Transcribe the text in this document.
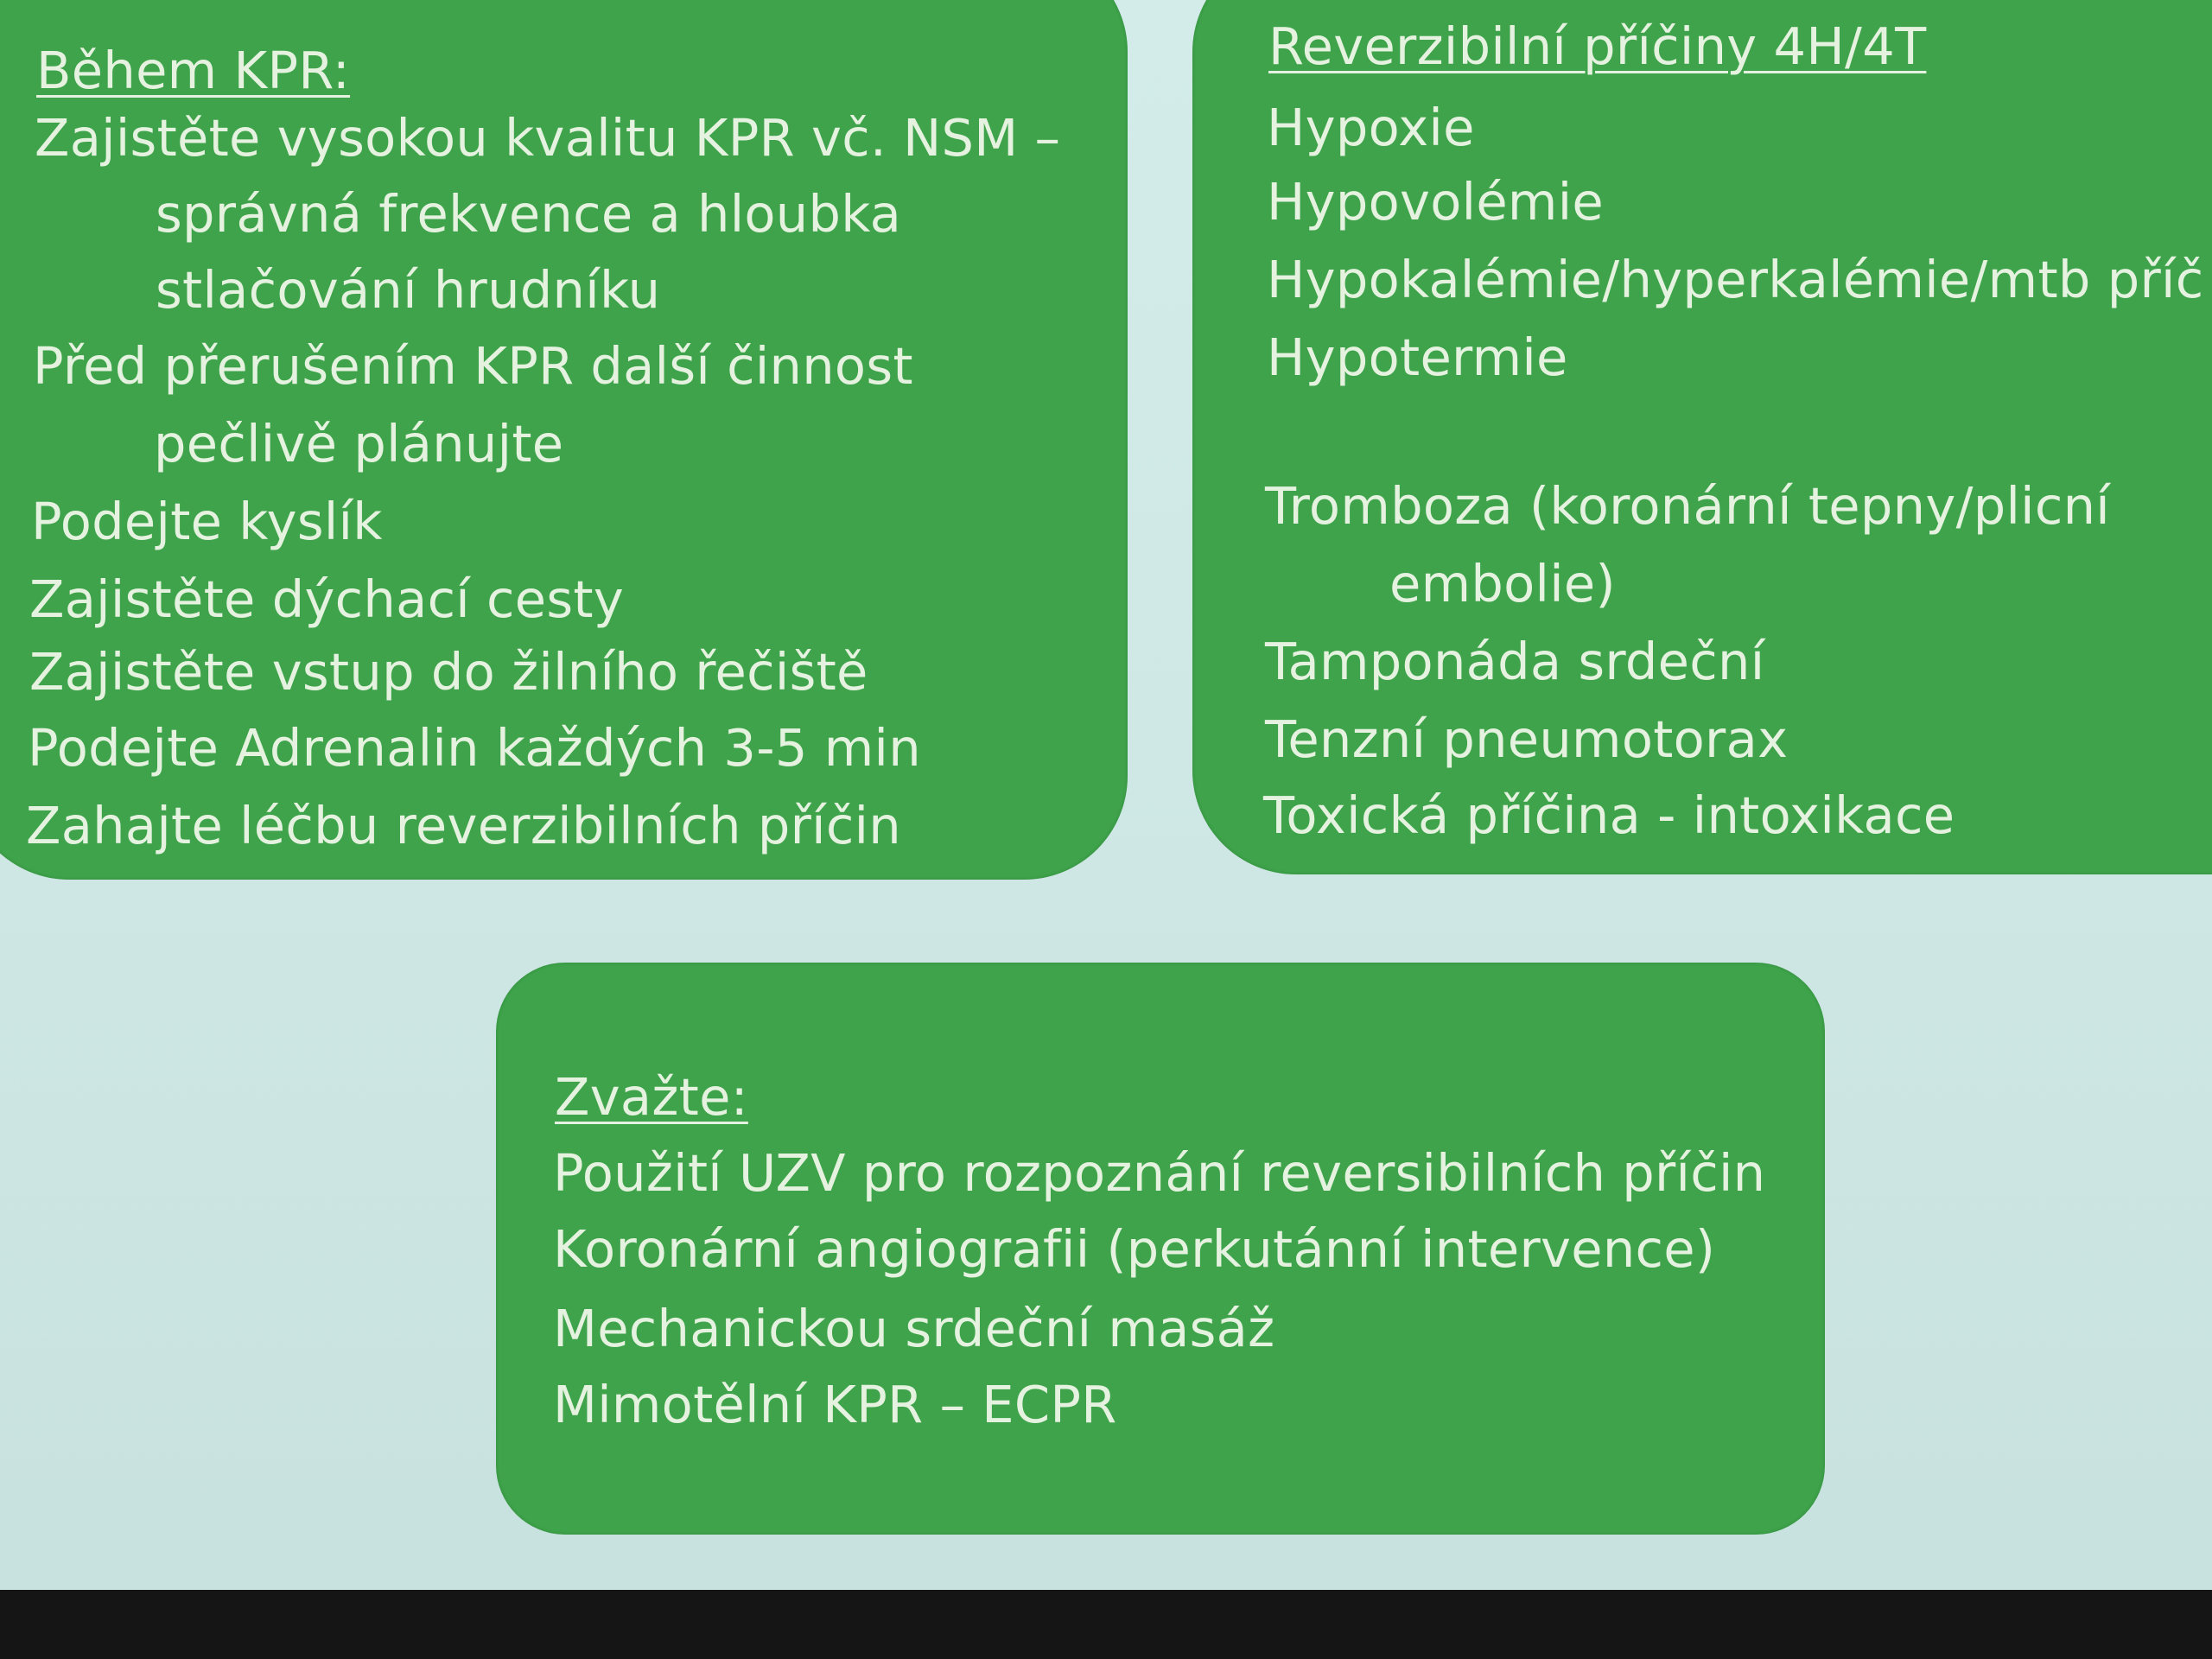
Během KPR:
Zajistěte vysokou kvalitu KPR vč. NSM –
správná frekvence a hloubka
stlačování hrudníku
Před přerušením KPR další činnost
pečlivě plánujte
Podejte kyslík
Zajistěte dýchací cesty
Zajistěte vstup do žilního řečiště
Podejte Adrenalin každých 3-5 min
Zahajte léčbu reverzibilních příčin
Reverzibilní příčiny 4H/4T
Hypoxie
Hypovolémie
Hypokalémie/hyperkalémie/mtb příč
Hypotermie
Tromboza (koronární tepny/plicní
embolie)
Tamponáda srdeční
Tenzní pneumotorax
Toxická příčina - intoxikace
Zvažte:
Použití UZV pro rozpoznání reversibilních příčin
Koronární angiografii (perkutánní intervence)
Mechanickou srdeční masáž
Mimotělní KPR – ECPR
